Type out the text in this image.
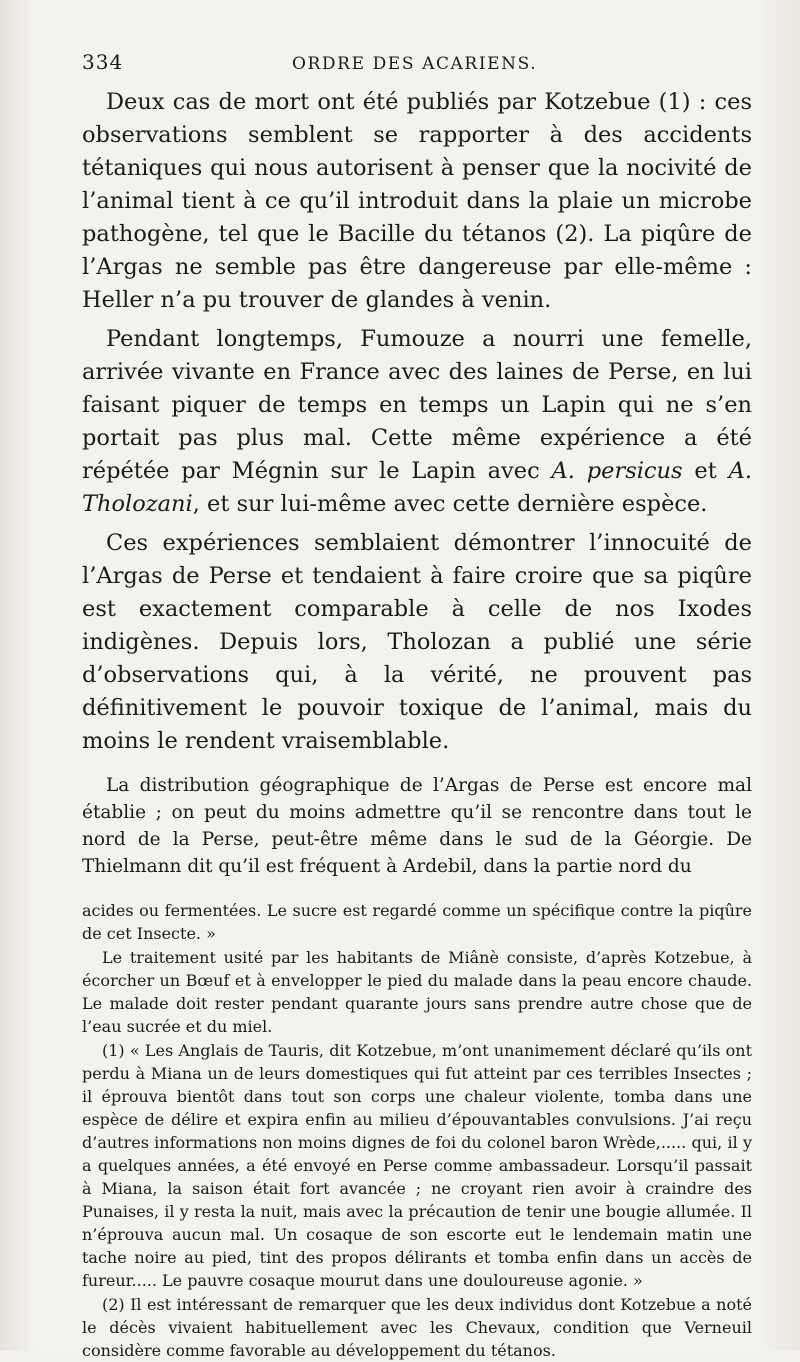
334	ORDRE DES ACARIENS.

Deux cas de mort ont été publiés par Kotzebue (1) : ces observations semblent se rapporter à des accidents tétaniques qui nous autorisent à penser que la nocivité de l’animal tient à ce qu’il introduit dans la plaie un microbe pathogène, tel que le Bacille du tétanos (2). La piqûre de l’Argas ne semble pas être dangereuse par elle-même : Heller n’a pu trouver de glandes à venin.

Pendant longtemps, Fumouze a nourri une femelle, arrivée vivante en France avec des laines de Perse, en lui faisant piquer de temps en temps un Lapin qui ne s’en portait pas plus mal. Cette même expérience a été répétée par Mégnin sur le Lapin avec A. persicus et A. Tholozani, et sur lui-même avec cette dernière espèce.

Ces expériences semblaient démontrer l’innocuité de l’Argas de Perse et tendaient à faire croire que sa piqûre est exactement comparable à celle de nos Ixodes indigènes. Depuis lors, Tholozan a publié une série d’observations qui, à la vérité, ne prouvent pas définitivement le pouvoir toxique de l’animal, mais du moins le rendent vraisemblable.

La distribution géographique de l’Argas de Perse est encore mal établie ; on peut du moins admettre qu’il se rencontre dans tout le nord de la Perse, peut-être même dans le sud de la Géorgie. De Thielmann dit qu’il est fréquent à Ardebil, dans la partie nord du

acides ou fermentées. Le sucre est regardé comme un spécifique contre la piqûre de cet Insecte. »

Le traitement usité par les habitants de Miânè consiste, d’après Kotzebue, à écorcher un Bœuf et à envelopper le pied du malade dans la peau encore chaude. Le malade doit rester pendant quarante jours sans prendre autre chose que de l’eau sucrée et du miel.

(1) « Les Anglais de Tauris, dit Kotzebue, m’ont unanimement déclaré qu’ils ont perdu à Miana un de leurs domestiques qui fut atteint par ces terribles Insectes ; il éprouva bientôt dans tout son corps une chaleur violente, tomba dans une espèce de délire et expira enfin au milieu d’épouvantables convulsions. J’ai reçu d’autres informations non moins dignes de foi du colonel baron Wrède,..... qui, il y a quelques années, a été envoyé en Perse comme ambassadeur. Lorsqu’il passait à Miana, la saison était fort avancée ; ne croyant rien avoir à craindre des Punaises, il y resta la nuit, mais avec la précaution de tenir une bougie allumée. Il n’éprouva aucun mal. Un cosaque de son escorte eut le lendemain matin une tache noire au pied, tint des propos délirants et tomba enfin dans un accès de fureur..... Le pauvre cosaque mourut dans une douloureuse agonie. »

(2) Il est intéressant de remarquer que les deux individus dont Kotzebue a noté le décès vivaient habituellement avec les Chevaux, condition que Verneuil considère comme favorable au développement du tétanos.
